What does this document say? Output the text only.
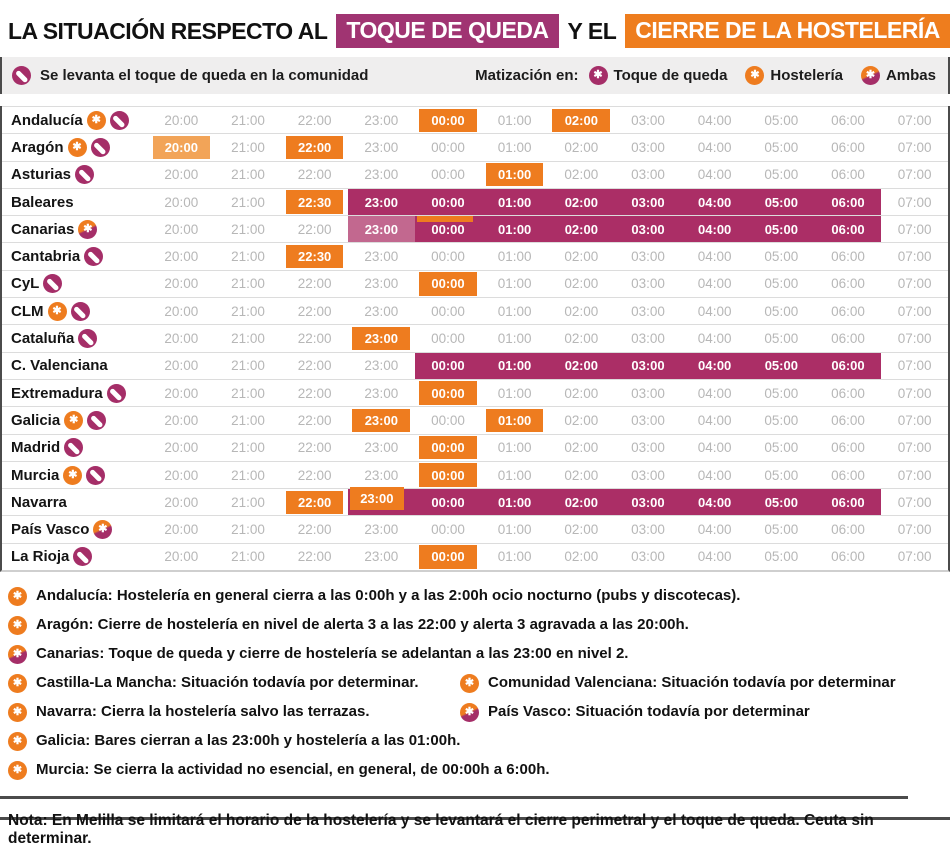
LA SITUACIÓN RESPECTO AL TOQUE DE QUEDA Y EL CIERRE DE LA HOSTELERÍA
Se levanta el toque de queda en la comunidad	Matización en: ✱ Toque de queda ✱ Hostelería ✱ Ambas
Andalucía ✱	20:00 21:00 22:00 23:00	00:00	01:00	02:00	03:00 04:00 05:00 06:00 07:00
Aragón ✱	20:00	21:00	22:00	23:00 00:00 01:00 02:00 03:00 04:00 05:00 06:00 07:00
Asturias	20:00 21:00 22:00 23:00 00:00	01:00	02:00 03:00 04:00 05:00 06:00 07:00
Baleares	20:00 21:00	22:30	23:00	00:00	01:00	02:00	03:00	04:00	05:00	06:00 07:00
Canarias ✱	20:00 21:00 22:00	23:00	00:00	01:00	02:00	03:00	04:00	05:00	06:00 07:00
Cantabria	20:00 21:00	22:30	23:00 00:00 01:00 02:00 03:00 04:00 05:00 06:00 07:00
CyL	20:00 21:00 22:00 23:00	00:00	01:00 02:00 03:00 04:00 05:00 06:00 07:00
CLM ✱	20:00 21:00 22:00 23:00 00:00 01:00 02:00 03:00 04:00 05:00 06:00 07:00
Cataluña	20:00 21:00 22:00	23:00	00:00 01:00 02:00 03:00 04:00 05:00 06:00 07:00
C. Valenciana	20:00 21:00 22:00 23:00	00:00	01:00	02:00	03:00	04:00	05:00	06:00 07:00
Extremadura	20:00 21:00 22:00 23:00	00:00	01:00 02:00 03:00 04:00 05:00 06:00 07:00
Galicia ✱	20:00 21:00 22:00	23:00	00:00	01:00	02:00 03:00 04:00 05:00 06:00 07:00
Madrid	20:00 21:00 22:00 23:00	00:00	01:00 02:00 03:00 04:00 05:00 06:00 07:00
Murcia ✱	20:00 21:00 22:00 23:00	00:00	01:00 02:00 03:00 04:00 05:00 06:00 07:00
Navarra	20:00 21:00	22:00	23:00	00:00	01:00	02:00	03:00	04:00	05:00	06:00 07:00
País Vasco ✱	20:00 21:00 22:00 23:00 00:00 01:00 02:00 03:00 04:00 05:00 06:00 07:00
La Rioja	20:00 21:00 22:00 23:00	00:00	01:00 02:00 03:00 04:00 05:00 06:00 07:00
✱ Andalucía: Hostelería en general cierra a las 0:00h y a las 2:00h ocio nocturno (pubs y discotecas).
✱ Aragón: Cierre de hostelería en nivel de alerta 3 a las 22:00 y alerta 3 agravada a las 20:00h.
✱ Canarias: Toque de queda y cierre de hostelería se adelantan a las 23:00 en nivel 2.
✱ Castilla-La Mancha: Situación todavía por determinar.	✱ Comunidad Valenciana: Situación todavía por determinar
✱ Navarra: Cierra la hostelería salvo las terrazas.	✱ País Vasco: Situación todavía por determinar
✱ Galicia: Bares cierran a las 23:00h y hostelería a las 01:00h.
✱ Murcia: Se cierra la actividad no esencial, en general, de 00:00h a 6:00h.
Nota: En Melilla se limitará el horario de la hostelería y se levantará el cierre perimetral y el toque de queda. Ceuta sin determinar.
